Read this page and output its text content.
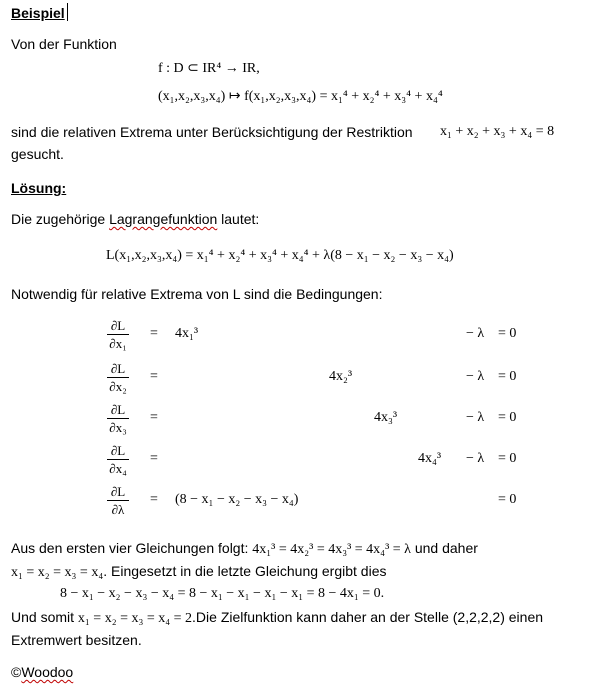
Beispiel
Von der Funktion
f : D ⊂ IR⁴ → IR,
(x₁,x₂,x₃,x₄) ↦ f(x₁,x₂,x₃,x₄) = x₁⁴ + x₂⁴ + x₃⁴ + x₄⁴
sind die relativen Extrema unter Berücksichtigung der Restriktion x₁ + x₂ + x₃ + x₄ = 8
gesucht.
Lösung:
Die zugehörige Lagrangefunktion lautet:
L(x₁,x₂,x₃,x₄) = x₁⁴ + x₂⁴ + x₃⁴ + x₄⁴ + λ(8 − x₁ − x₂ − x₃ − x₄)
Notwendig für relative Extrema von L sind die Bedingungen:
∂L
∂x₁
= 4x₁³	− λ = 0
∂L
∂x₂
=	4x₂³	− λ = 0
∂L
∂x₃
=	4x₃³	− λ = 0
∂L
∂x₄
=	4x₄³ − λ = 0
∂L
∂λ
= (8 − x₁ − x₂ − x₃ − x₄)	= 0
Aus den ersten vier Gleichungen folgt: 4x₁³ = 4x₂³ = 4x₃³ = 4x₄³ = λ und daher
x₁ = x₂ = x₃ = x₄. Eingesetzt in die letzte Gleichung ergibt dies
8 − x₁ − x₂ − x₃ − x₄ = 8 − x₁ − x₁ − x₁ − x₁ = 8 − 4x₁ = 0.
Und somit x₁ = x₂ = x₃ = x₄ = 2.Die Zielfunktion kann daher an der Stelle (2,2,2,2) einen
Extremwert besitzen.
©Woodoo
